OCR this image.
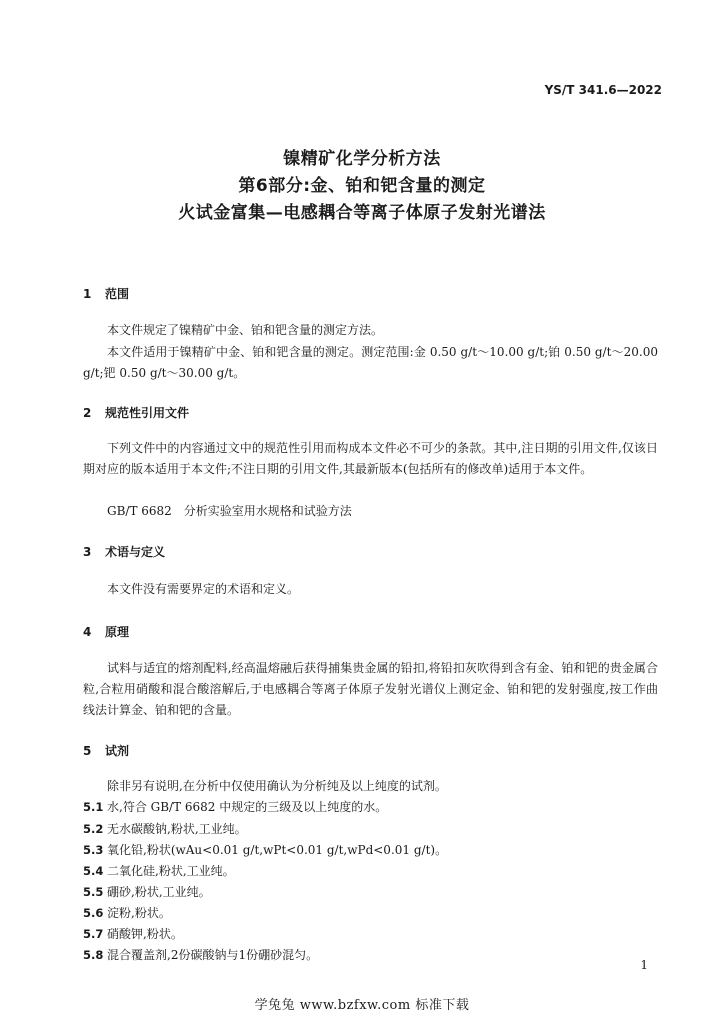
YS/T 341.6—2022
镍精矿化学分析方法
第6部分:金、铂和钯含量的测定
火试金富集—电感耦合等离子体原子发射光谱法
1 范围
本文件规定了镍精矿中金、铂和钯含量的测定方法。
本文件适用于镍精矿中金、铂和钯含量的测定。测定范围:金 0.50 g/t～10.00 g/t;铂 0.50 g/t～20.00 g/t;钯 0.50 g/t～30.00 g/t。
2 规范性引用文件
下列文件中的内容通过文中的规范性引用而构成本文件必不可少的条款。其中,注日期的引用文件,仅该日期对应的版本适用于本文件;不注日期的引用文件,其最新版本(包括所有的修改单)适用于本文件。
GB/T 6682　分析实验室用水规格和试验方法
3 术语与定义
本文件没有需要界定的术语和定义。
4 原理
试料与适宜的熔剂配料,经高温熔融后获得捕集贵金属的铅扣,将铅扣灰吹得到含有金、铂和钯的贵金属合粒,合粒用硝酸和混合酸溶解后,于电感耦合等离子体原子发射光谱仪上测定金、铂和钯的发射强度,按工作曲线法计算金、铂和钯的含量。
5 试剂
除非另有说明,在分析中仅使用确认为分析纯及以上纯度的试剂。
5.1 水,符合 GB/T 6682 中规定的三级及以上纯度的水。
5.2 无水碳酸钠,粉状,工业纯。
5.3 氧化铅,粉状(wAu<0.01 g/t,wPt<0.01 g/t,wPd<0.01 g/t)。
5.4 二氧化硅,粉状,工业纯。
5.5 硼砂,粉状,工业纯。
5.6 淀粉,粉状。
5.7 硝酸钾,粉状。
5.8 混合覆盖剂,2份碳酸钠与1份硼砂混匀。
1
学兔兔 www.bzfxw.com 标准下载
